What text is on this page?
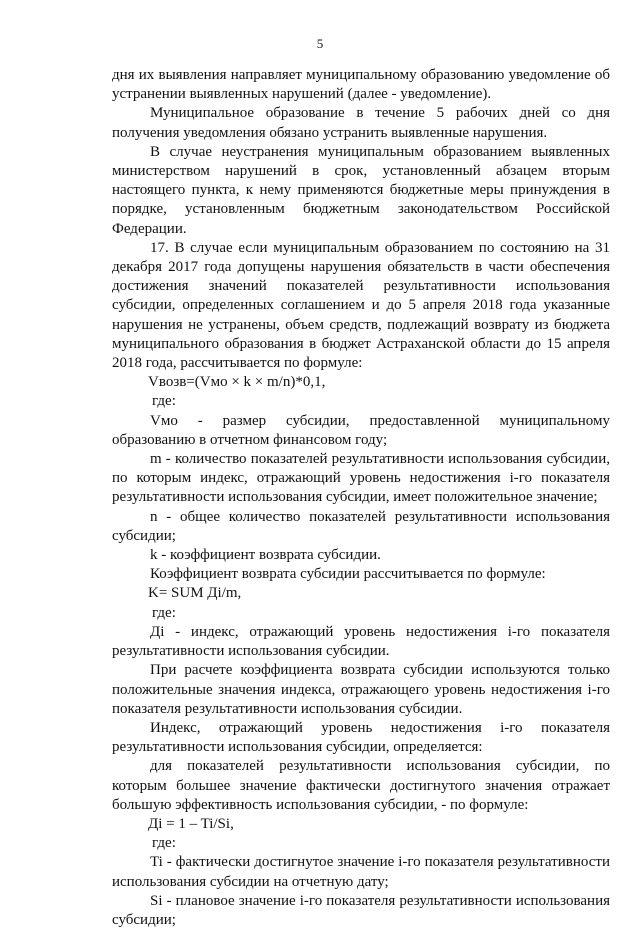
5

дня их выявления направляет муниципальному образованию уведомление об устранении выявленных нарушений (далее - уведомление).

Муниципальное образование в течение 5 рабочих дней со дня получения уведомления обязано устранить выявленные нарушения.

В случае неустранения муниципальным образованием выявленных министерством нарушений в срок, установленный абзацем вторым настоящего пункта, к нему применяются бюджетные меры принуждения в порядке, установленным бюджетным законодательством Российской Федерации.

17. В случае если муниципальным образованием по состоянию на 31 декабря 2017 года допущены нарушения обязательств в части обеспечения достижения значений показателей результативности использования субсидии, определенных соглашением и до 5 апреля 2018 года указанные нарушения не устранены, объем средств, подлежащий возврату из бюджета муниципального образования в бюджет Астраханской области до 15 апреля 2018 года, рассчитывается по формуле:

Vвозв=(Vмо × k × m/n)*0,1,

где:

Vмо - размер субсидии, предоставленной муниципальному образованию в отчетном финансовом году;

m - количество показателей результативности использования субсидии, по которым индекс, отражающий уровень недостижения i-го показателя результативности использования субсидии, имеет положительное значение;

n - общее количество показателей результативности использования субсидии;

k - коэффициент возврата субсидии.

Коэффициент возврата субсидии рассчитывается по формуле:

K= SUM Дi/m,

где:

Дi - индекс, отражающий уровень недостижения i-го показателя результативности использования субсидии.

При расчете коэффициента возврата субсидии используются только положительные значения индекса, отражающего уровень недостижения i-го показателя результативности использования субсидии.

Индекс, отражающий уровень недостижения i-го показателя результативности использования субсидии, определяется:

для показателей результативности использования субсидии, по которым большее значение фактически достигнутого значения отражает большую эффективность использования субсидии, - по формуле:

Дi = 1 – Ti/Si,

где:

Ti - фактически достигнутое значение i-го показателя результативности использования субсидии на отчетную дату;

Si - плановое значение i-го показателя результативности использования субсидии;
